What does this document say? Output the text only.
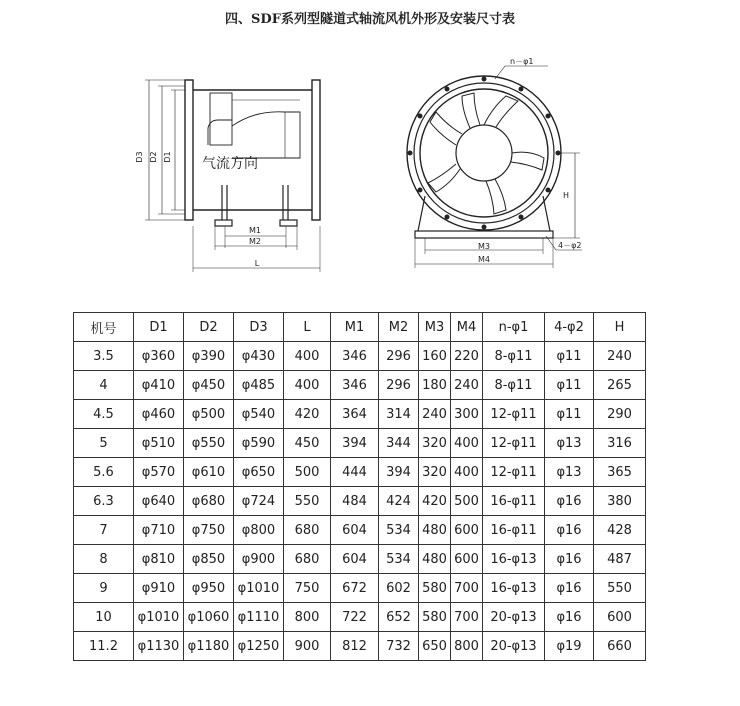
四、SDF系列型隧道式轴流风机外形及安装尺寸表
D3 D2 D1 气流方向
M1
M2
L
n－φ1
H
M3
M4
4－φ2
机号	D1	D2	D3	L	M1	M2	M3	M4	n-φ1	4-φ2	H
3.5	φ360	φ390	φ430	400	346	296	160	220	8-φ11	φ11	240
4	φ410	φ450	φ485	400	346	296	180	240	8-φ11	φ11	265
4.5	φ460	φ500	φ540	420	364	314	240	300	12-φ11	φ11	290
5	φ510	φ550	φ590	450	394	344	320	400	12-φ11	φ13	316
5.6	φ570	φ610	φ650	500	444	394	320	400	12-φ11	φ13	365
6.3	φ640	φ680	φ724	550	484	424	420	500	16-φ11	φ16	380
7	φ710	φ750	φ800	680	604	534	480	600	16-φ11	φ16	428
8	φ810	φ850	φ900	680	604	534	480	600	16-φ13	φ16	487
9	φ910	φ950	φ1010	750	672	602	580	700	16-φ13	φ16	550
10	φ1010	φ1060	φ1110	800	722	652	580	700	20-φ13	φ16	600
11.2	φ1130	φ1180	φ1250	900	812	732	650	800	20-φ13	φ19	660
